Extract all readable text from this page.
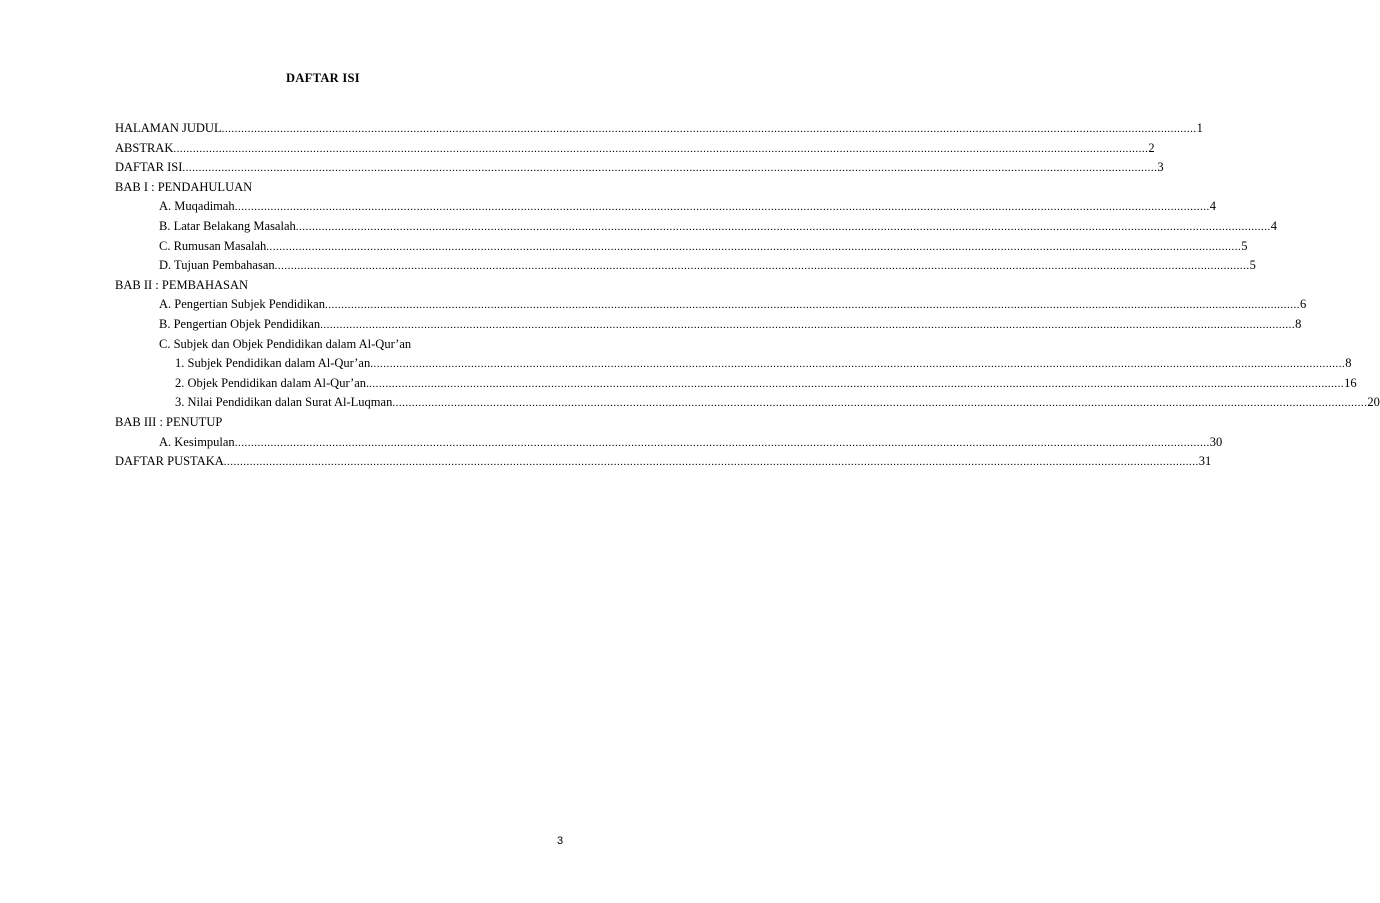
DAFTAR ISI
HALAMAN JUDUL ............................................................................................................................................................................................................................................................................................................ 1
ABSTRAK ............................................................................................................................................................................................................................................................................................................ 2
DAFTAR ISI ............................................................................................................................................................................................................................................................................................................ 3
BAB I : PENDAHULUAN
A. Muqadimah ............................................................................................................................................................................................................................................................................................................ 4
B. Latar Belakang Masalah ............................................................................................................................................................................................................................................................................................................ 4
C. Rumusan Masalah ............................................................................................................................................................................................................................................................................................................ 5
D. Tujuan Pembahasan ............................................................................................................................................................................................................................................................................................................ 5
BAB II : PEMBAHASAN
A. Pengertian Subjek Pendidikan ............................................................................................................................................................................................................................................................................................................ 6
B. Pengertian Objek Pendidikan ............................................................................................................................................................................................................................................................................................................ 8
C. Subjek dan Objek Pendidikan dalam Al-Qur’an
1. Subjek Pendidikan dalam Al-Qur’an ............................................................................................................................................................................................................................................................................................................ 8
2. Objek Pendidikan dalam Al-Qur’an. ............................................................................................................................................................................................................................................................................................................ 16
3. Nilai Pendidikan dalan Surat Al-Luqman ............................................................................................................................................................................................................................................................................................................ 20
BAB III : PENUTUP
A. Kesimpulan ............................................................................................................................................................................................................................................................................................................ 30
DAFTAR PUSTAKA ............................................................................................................................................................................................................................................................................................................ 31
3
